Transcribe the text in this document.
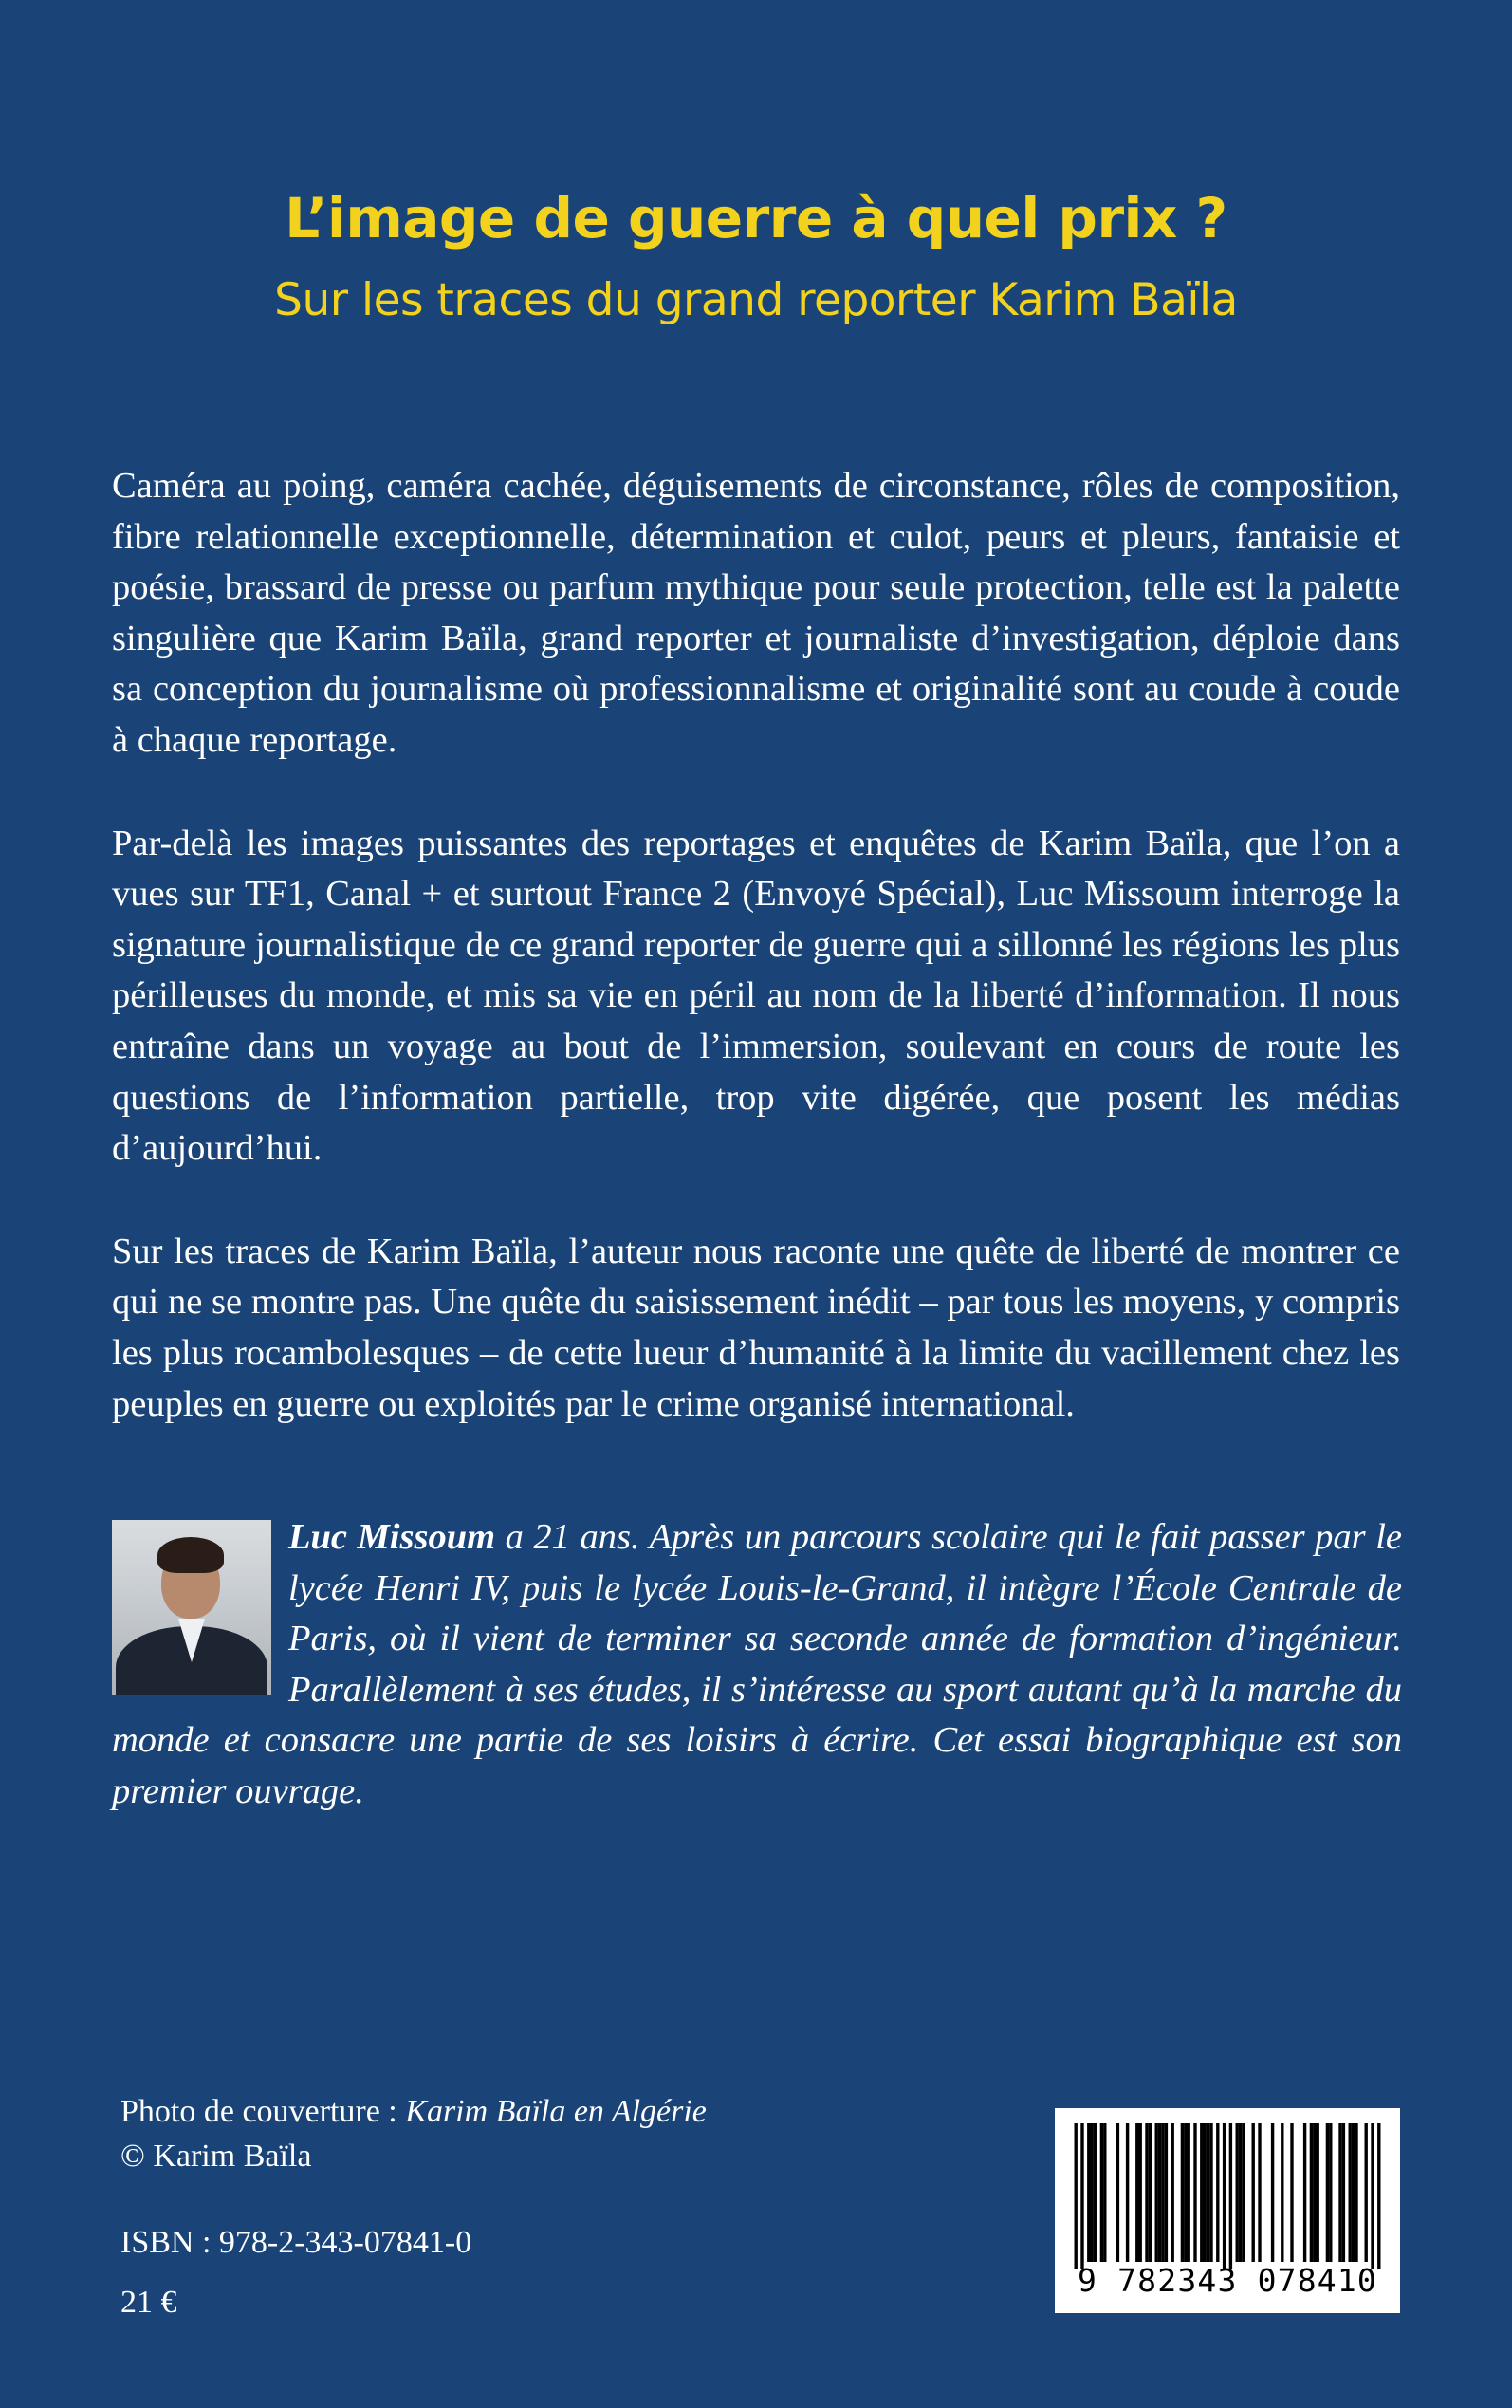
L’image de guerre à quel prix ?
Sur les traces du grand reporter Karim Baïla

Caméra au poing, caméra cachée, déguisements de circonstance, rôles de composition, fibre relationnelle exceptionnelle, détermination et culot, peurs et pleurs, fantaisie et poésie, brassard de presse ou parfum mythique pour seule protection, telle est la palette singulière que Karim Baïla, grand reporter et journaliste d’investigation, déploie dans sa conception du journalisme où professionnalisme et originalité sont au coude à coude à chaque reportage.

Par-delà les images puissantes des reportages et enquêtes de Karim Baïla, que l’on a vues sur TF1, Canal + et surtout France 2 (Envoyé Spécial), Luc Missoum interroge la signature journalistique de ce grand reporter de guerre qui a sillonné les régions les plus périlleuses du monde, et mis sa vie en péril au nom de la liberté d’information. Il nous entraîne dans un voyage au bout de l’immersion, soulevant en cours de route les questions de l’information partielle, trop vite digérée, que posent les médias d’aujourd’hui.

Sur les traces de Karim Baïla, l’auteur nous raconte une quête de liberté de montrer ce qui ne se montre pas. Une quête du saisissement inédit – par tous les moyens, y compris les plus rocambolesques – de cette lueur d’humanité à la limite du vacillement chez les peuples en guerre ou exploités par le crime organisé international.

Luc Missoum a 21 ans. Après un parcours scolaire qui le fait passer par le lycée Henri IV, puis le lycée Louis-le-Grand, il intègre l’École Centrale de Paris, où il vient de terminer sa seconde année de formation d’ingénieur. Parallèlement à ses études, il s’intéresse au sport autant qu’à la marche du monde et consacre une partie de ses loisirs à écrire. Cet essai biographique est son premier ouvrage.
Photo de couverture : Karim Baïla en Algérie
© Karim Baïla
ISBN : 978-2-343-07841-0
21 €
9 782343 078410
